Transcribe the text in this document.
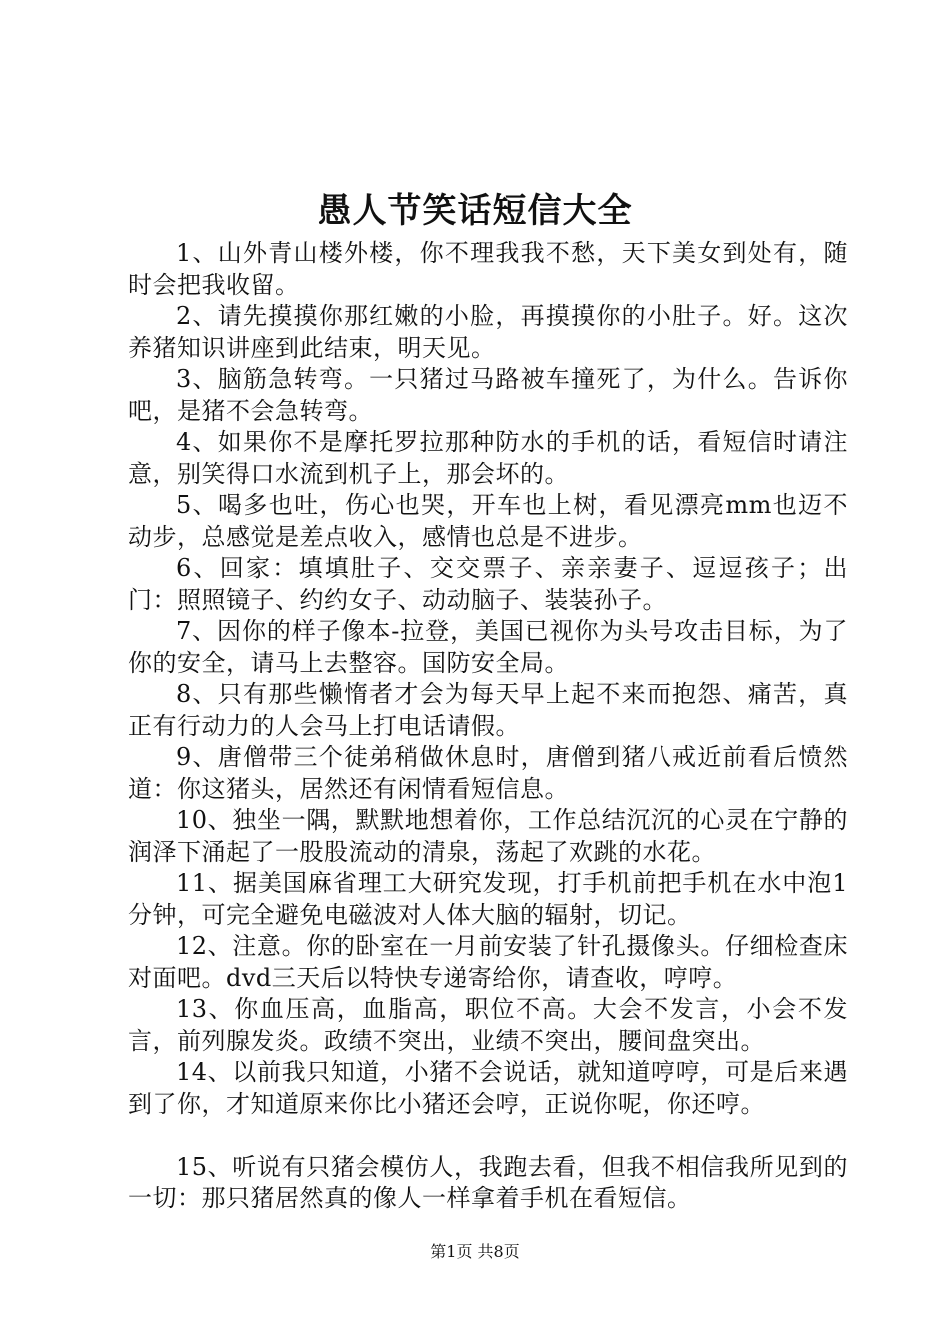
愚人节笑话短信大全

1、山外青山楼外楼，你不理我我不愁，天下美女到处有，随时会把我收留。

2、请先摸摸你那红嫩的小脸，再摸摸你的小肚子。好。这次养猪知识讲座到此结束，明天见。

3、脑筋急转弯。一只猪过马路被车撞死了，为什么。告诉你吧，是猪不会急转弯。

4、如果你不是摩托罗拉那种防水的手机的话，看短信时请注意，别笑得口水流到机子上，那会坏的。

5、喝多也吐，伤心也哭，开车也上树，看见漂亮mm也迈不动步，总感觉是差点收入，感情也总是不进步。

6、回家：填填肚子、交交票子、亲亲妻子、逗逗孩子；出门：照照镜子、约约女子、动动脑子、装装孙子。

7、因你的样子像本-拉登，美国已视你为头号攻击目标，为了你的安全，请马上去整容。国防安全局。

8、只有那些懒惰者才会为每天早上起不来而抱怨、痛苦，真正有行动力的人会马上打电话请假。

9、唐僧带三个徒弟稍做休息时，唐僧到猪八戒近前看后愤然道：你这猪头，居然还有闲情看短信息。

10、独坐一隅，默默地想着你，工作总结沉沉的心灵在宁静的润泽下涌起了一股股流动的清泉，荡起了欢跳的水花。

11、据美国麻省理工大研究发现，打手机前把手机在水中泡1分钟，可完全避免电磁波对人体大脑的辐射，切记。

12、注意。你的卧室在一月前安装了针孔摄像头。仔细检查床对面吧。dvd三天后以特快专递寄给你，请查收，哼哼。

13、你血压高，血脂高，职位不高。大会不发言，小会不发言，前列腺发炎。政绩不突出，业绩不突出，腰间盘突出。

14、以前我只知道，小猪不会说话，就知道哼哼，可是后来遇到了你，才知道原来你比小猪还会哼，正说你呢，你还哼。

15、听说有只猪会模仿人，我跑去看，但我不相信我所见到的一切：那只猪居然真的像人一样拿着手机在看短信。

第1页 共8页
